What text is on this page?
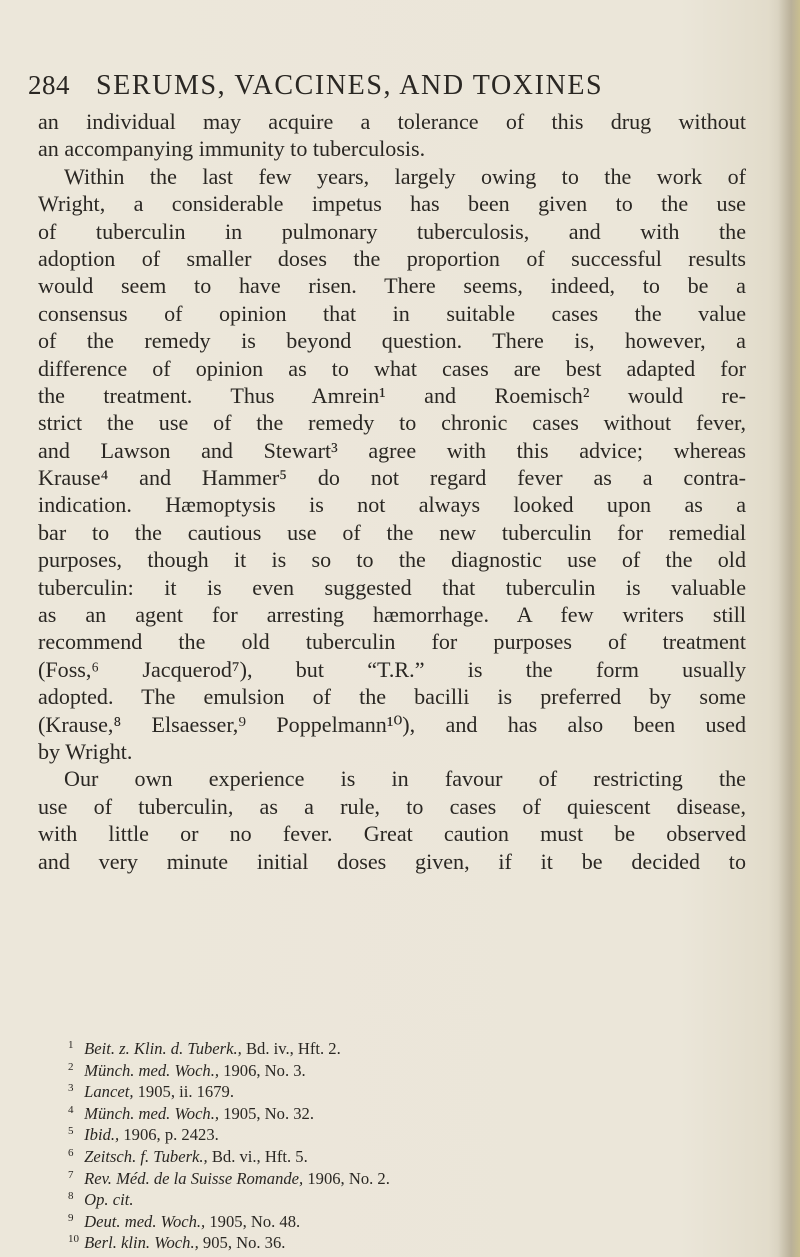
284 SERUMS, VACCINES, AND TOXINES
an individual may acquire a tolerance of this drug without
an accompanying immunity to tuberculosis.
Within the last few years, largely owing to the work of
Wright, a considerable impetus has been given to the use
of tuberculin in pulmonary tuberculosis, and with the
adoption of smaller doses the proportion of successful results
would seem to have risen. There seems, indeed, to be a
consensus of opinion that in suitable cases the value
of the remedy is beyond question. There is, however, a
difference of opinion as to what cases are best adapted for
the treatment. Thus Amrein¹ and Roemisch² would re-
strict the use of the remedy to chronic cases without fever,
and Lawson and Stewart³ agree with this advice; whereas
Krause⁴ and Hammer⁵ do not regard fever as a contra-
indication. Hæmoptysis is not always looked upon as a
bar to the cautious use of the new tuberculin for remedial
purposes, though it is so to the diagnostic use of the old
tuberculin: it is even suggested that tuberculin is valuable
as an agent for arresting hæmorrhage. A few writers still
recommend the old tuberculin for purposes of treatment
(Foss,⁶ Jacquerod⁷), but “T.R.” is the form usually
adopted. The emulsion of the bacilli is preferred by some
(Krause,⁸ Elsaesser,⁹ Poppelmann¹⁰), and has also been used
by Wright.
Our own experience is in favour of restricting the
use of tuberculin, as a rule, to cases of quiescent disease,
with little or no fever. Great caution must be observed
and very minute initial doses given, if it be decided to
1 Beit. z. Klin. d. Tuberk., Bd. iv., Hft. 2.
2 Münch. med. Woch., 1906, No. 3.
3 Lancet, 1905, ii. 1679.
4 Münch. med. Woch., 1905, No. 32.
5 Ibid., 1906, p. 2423.
6 Zeitsch. f. Tuberk., Bd. vi., Hft. 5.
7 Rev. Méd. de la Suisse Romande, 1906, No. 2.
8 Op. cit.
9 Deut. med. Woch., 1905, No. 48.
10 Berl. klin. Woch., 905, No. 36.
